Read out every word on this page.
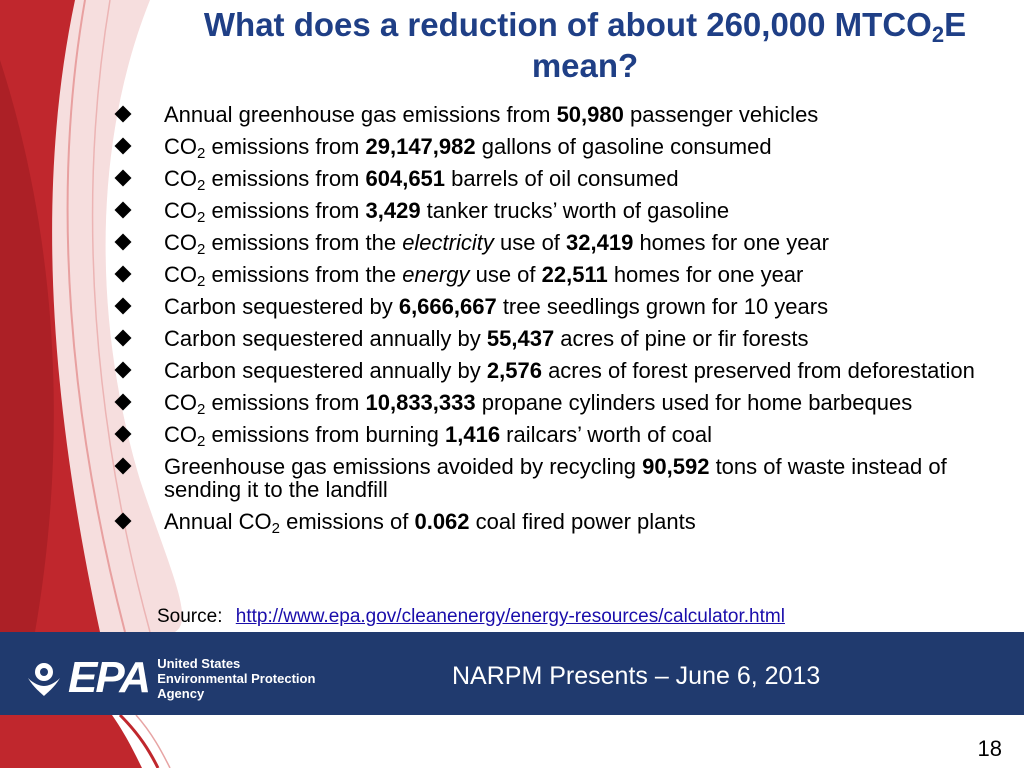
What does a reduction of about 260,000 $MTCO_2E$ mean?
Annual greenhouse gas emissions from 50,980 passenger vehicles
$CO_2$ emissions from 29,147,982 gallons of gasoline consumed
$CO_2$ emissions from 604,651 barrels of oil consumed
$CO_2$ emissions from 3,429 tanker trucks’ worth of gasoline
$CO_2$ emissions from the electricity use of 32,419 homes for one year
$CO_2$ emissions from the energy use of 22,511 homes for one year
Carbon sequestered by 6,666,667 tree seedlings grown for 10 years
Carbon sequestered annually by 55,437 acres of pine or fir forests
Carbon sequestered annually by 2,576 acres of forest preserved from deforestation
$CO_2$ emissions from 10,833,333 propane cylinders used for home barbeques
$CO_2$ emissions from burning 1,416 railcars’ worth of coal
Greenhouse gas emissions avoided by recycling 90,592 tons of waste instead of sending it to the landfill
Annual $CO_2$ emissions of 0.062 coal fired power plants
Source: http://www.epa.gov/cleanenergy/energy-resources/calculator.html
EPA United States
Environmental Protection
Agency
NARPM Presents – June 6, 2013
18
